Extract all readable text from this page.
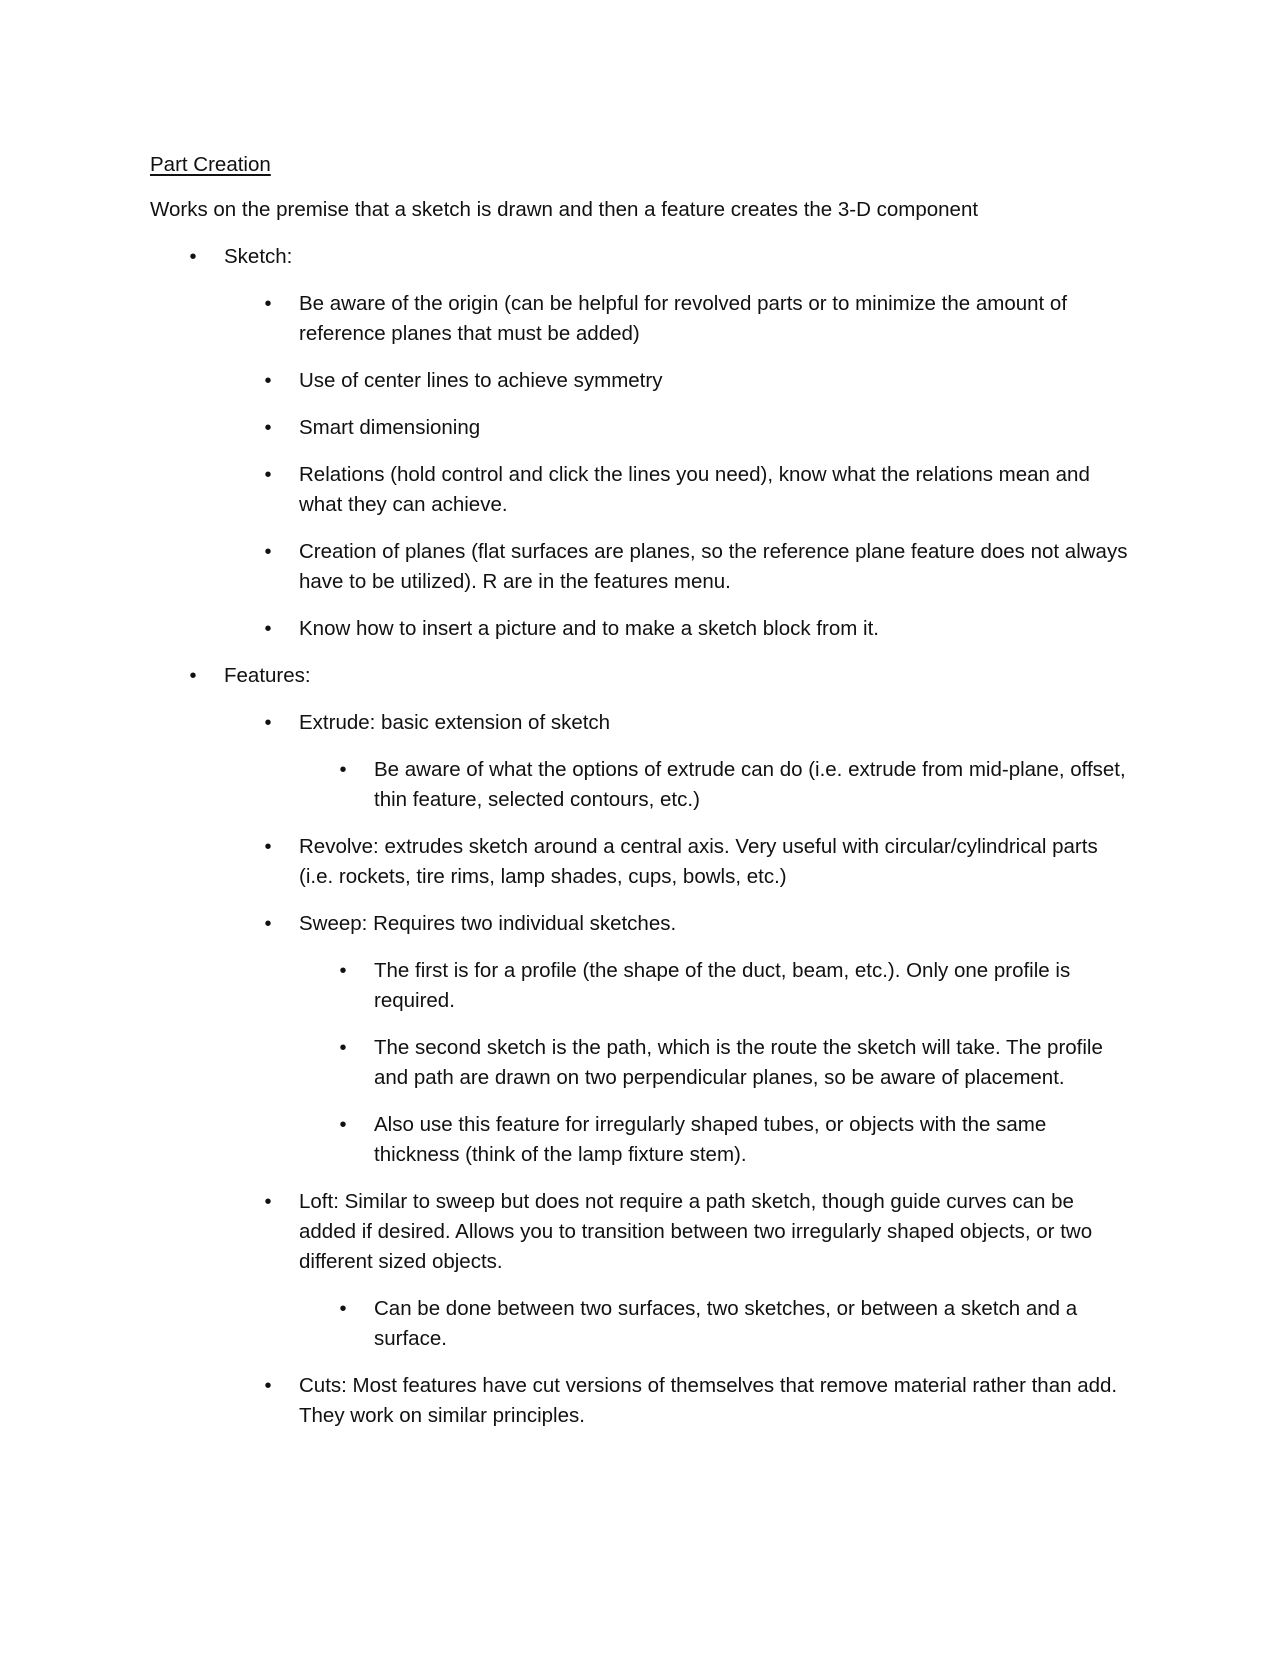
Part Creation

Works on the premise that a sketch is drawn and then a feature creates the 3-D component

•	Sketch:
•	Be aware of the origin (can be helpful for revolved parts or to minimize the amount of reference planes that must be added)
•	Use of center lines to achieve symmetry
•	Smart dimensioning
•	Relations (hold control and click the lines you need), know what the relations mean and what they can achieve.
•	Creation of planes (flat surfaces are planes, so the reference plane feature does not always have to be utilized). R are in the features menu.
•	Know how to insert a picture and to make a sketch block from it.
•	Features:
•	Extrude: basic extension of sketch
•	Be aware of what the options of extrude can do (i.e. extrude from mid-plane, offset, thin feature, selected contours, etc.)
•	Revolve: extrudes sketch around a central axis. Very useful with circular/cylindrical parts (i.e. rockets, tire rims, lamp shades, cups, bowls, etc.)
•	Sweep: Requires two individual sketches.
•	The first is for a profile (the shape of the duct, beam, etc.). Only one profile is required.
•	The second sketch is the path, which is the route the sketch will take. The profile and path are drawn on two perpendicular planes, so be aware of placement.
•	Also use this feature for irregularly shaped tubes, or objects with the same thickness (think of the lamp fixture stem).
•	Loft: Similar to sweep but does not require a path sketch, though guide curves can be added if desired. Allows you to transition between two irregularly shaped objects, or two different sized objects.
•	Can be done between two surfaces, two sketches, or between a sketch and a surface.
•	Cuts: Most features have cut versions of themselves that remove material rather than add. They work on similar principles.
